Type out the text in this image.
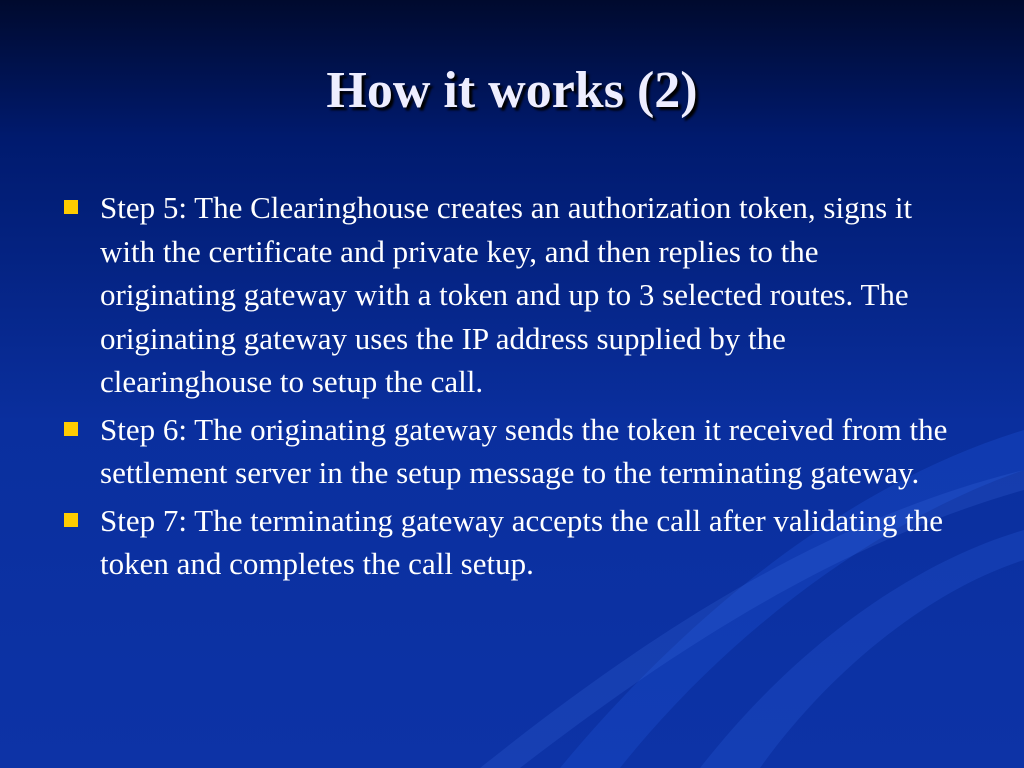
How it works (2)
Step 5: The Clearinghouse creates an authorization token, signs it with the certificate and private key, and then replies to the originating gateway with a token and up to 3 selected routes. The originating gateway uses the IP address supplied by the clearinghouse to setup the call.
Step 6: The originating gateway sends the token it received from the settlement server in the setup message to the terminating gateway.
Step 7: The terminating gateway accepts the call after validating the token and completes the call setup.
